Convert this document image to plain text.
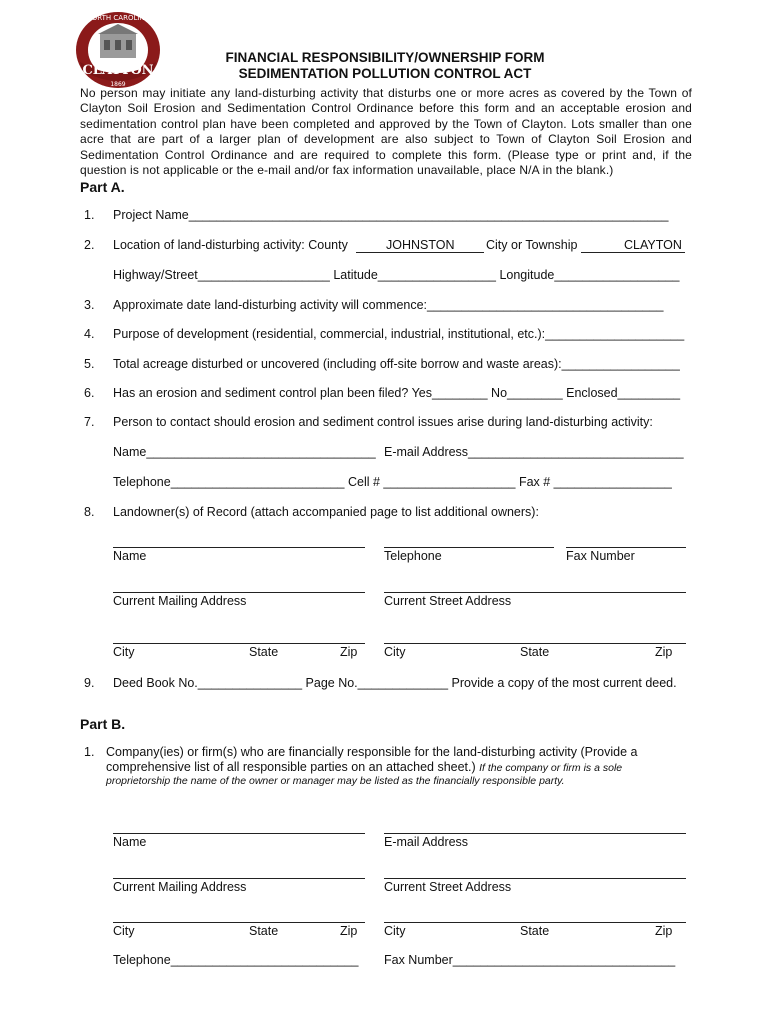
CLAYTON
NORTH CAROLINA
1869
FINANCIAL RESPONSIBILITY/OWNERSHIP FORM
SEDIMENTATION POLLUTION CONTROL ACT
No person may initiate any land-disturbing activity that disturbs one or more acres as covered by the Town of Clayton Soil Erosion and Sedimentation Control Ordinance before this form and an acceptable erosion and sedimentation control plan have been completed and approved by the Town of Clayton. Lots smaller than one acre that are part of a larger plan of development are also subject to Town of Clayton Soil Erosion and Sedimentation Control Ordinance and are required to complete this form. (Please type or print and, if the question is not applicable or the e-mail and/or fax information unavailable, place N/A in the blank.)
Part A.
1. Project Name_____________________________________________________________________
2. Location of land-disturbing activity: County	JOHNSTON	City or Township	CLAYTON
Highway/Street___________________ Latitude_________________ Longitude__________________
3. Approximate date land-disturbing activity will commence:__________________________________
4. Purpose of development (residential, commercial, industrial, institutional, etc.):____________________
5. Total acreage disturbed or uncovered (including off-site borrow and waste areas):_________________
6. Has an erosion and sediment control plan been filed? Yes________ No________ Enclosed_________
7. Person to contact should erosion and sediment control issues arise during land-disturbing activity:
Name_________________________________ E-mail Address_______________________________
Telephone_________________________ Cell # ___________________ Fax # _________________
8. Landowner(s) of Record (attach accompanied page to list additional owners):
Name	Telephone	Fax Number
Current Mailing Address	Current Street Address
City	State	Zip City	State	Zip
9. Deed Book No._______________ Page No._____________ Provide a copy of the most current deed.
Part B.
1. Company(ies) or firm(s) who are financially responsible for the land-disturbing activity (Provide a
comprehensive list of all responsible parties on an attached sheet.) If the company or firm is a sole
proprietorship the name of the owner or manager may be listed as the financially responsible party.
Name	E-mail Address
Current Mailing Address	Current Street Address
City	State	Zip City	State	Zip
Telephone___________________________ Fax Number________________________________
